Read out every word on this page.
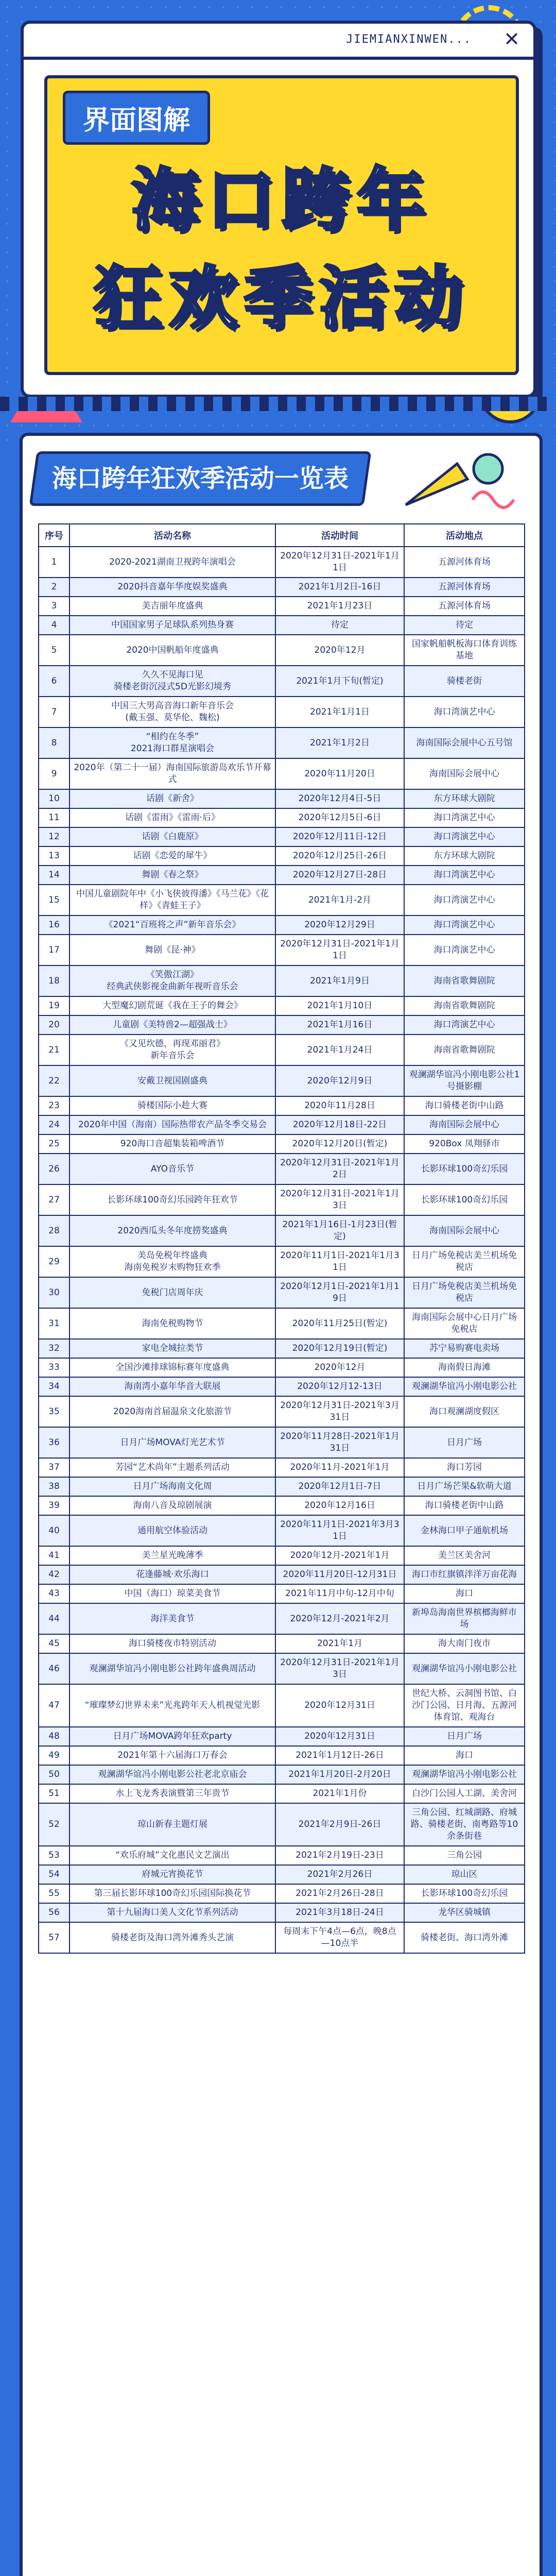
JIEMIANXINWEN... ✕
界面图解
海口跨年
狂欢季活动
海口跨年狂欢季活动一览表
序号	活动名称	活动时间	活动地点
1	2020-2021湖南卫视跨年演唱会	2020年12月31日-2021年1月1日	五源河体育场
2	2020抖音嘉年华度娱奖盛典	2021年1月2日-16日	五源河体育场
3	美吉丽年度盛典	2021年1月23日	五源河体育场
4	中国国家男子足球队系列热身赛	待定	待定
5	2020中国帆船年度盛典	2020年12月	国家帆船帆板海口体育训练基地
6	久久不见海口见
骑楼老街沉浸式5D光影幻境秀	2021年1月下旬(暂定)	骑楼老街
7	中国三大男高音海口新年音乐会
(戴玉强、莫华伦、魏松)	2021年1月1日	海口湾演艺中心
8	“相约在冬季”
2021海口群星演唱会	2021年1月2日	海南国际会展中心五号馆
9	2020年（第二十一届）海南国际旅游岛欢乐节开幕式	2020年11月20日	海南国际会展中心
10	话剧《新舍》	2020年12月4日-5日	东方环球大剧院
11	话剧《雷雨》《雷雨·后》	2020年12月5日-6日	海口湾演艺中心
12	话剧《白鹿原》	2020年12月11日-12日	海口湾演艺中心
13	话剧《恋爱的犀牛》	2020年12月25日-26日	东方环球大剧院
14	舞剧《春之祭》	2020年12月27日-28日	海口湾演艺中心
15	中国儿童剧院年中《小飞侠彼得潘》《马兰花》《花样》《青蛙王子》	2021年1月-2月	海口湾演艺中心
16	《2021“百班将之声”新年音乐会》	2020年12月29日	海口湾演艺中心
17	舞剧《昆·神》	2020年12月31日-2021年1月1日	海口湾演艺中心
18	《笑傲江湖》
经典武侠影视金曲新年视听音乐会	2021年1月9日	海南省歌舞剧院
19	大型魔幻剧荒诞《我在王子的舞会》	2021年1月10日	海南省歌舞剧院
20	儿童剧《美特兽2—超强战士》	2021年1月16日	海口湾演艺中心
21	《又见坎德，再现邓丽君》
新年音乐会	2021年1月24日	海南省歌舞剧院
22	安戴卫视国剧盛典	2020年12月9日	观澜湖华谊冯小刚电影公社1号摄影棚
23	骑楼国际小趁大赛	2020年11月28日	海口骑楼老街中山路
24	2020年中国（海南）国际热带农产品冬季交易会	2020年12月18日-22日	海南国际会展中心
25	920海口音超集装箱啤酒节	2020年12月20日(暂定)	920Box 凤翔驿市
26	AYO音乐节	2020年12月31日-2021年1月2日	长影环球100奇幻乐园
27	长影环球100奇幻乐园跨年狂欢节	2020年12月31日-2021年1月3日	长影环球100奇幻乐园
28	2020西瓜头冬年度捞奖盛典	2021年1月16日-1月23日(暂定)	海南国际会展中心
29	美岛免税年终盛典
海南免税岁末购物狂欢季	2020年11月1日-2021年1月31日	日月广场免税店美兰机场免税店
30	免税门店周年庆	2020年12月1日-2021年1月19日	日月广场免税店美兰机场免税店
31	海南免税购物节	2020年11月25日(暂定)	海南国际会展中心日月广场免税店
32	家电全城拉类节	2020年12月19日(暂定)	苏宁易购赛电卖场
33	全国沙滩排球锦标赛年度盛典	2020年12月	海南假日海滩
34	海南湾小嘉年华音大联展	2020年12月12-13日	观澜湖华谊冯小刚电影公社
35	2020海南首届温泉文化旅游节	2020年12月31日-2021年3月31日	海口观澜湖度假区
36	日月广场MOVA灯光艺术节	2020年11月28日-2021年1月31日	日月广场
37	芳园“艺术尚年”主题系列活动	2020年11月-2021年1月	海口芳园
38	日月广场海南文化周	2020年12月1日-7日	日月广场芒果&软萌大道
39	海南八音及琼剧展演	2020年12月16日	海口骑楼老街中山路
40	通用航空体验活动	2020年11月1日-2021年3月31日	金林海口甲子通航机场
41	美兰星光晚薄季	2020年12月-2021年1月	美兰区美舍河
42	花逢藤城·欢乐海口	2020年11月20日-12月31日	海口市红旗镇泮洋万亩花海
43	中国（海口）琼菜美食节	2021年11月中旬-12月中旬	海口
44	海洋美食节	2020年12月-2021年2月	新埠岛海南世界槟榔海鲜市场
45	海口骑楼夜市特别活动	2021年1月	海大南门夜市
46	观澜湖华谊冯小刚电影公社跨年盛典周活动	2020年12月31日-2021年1月3日	观澜湖华谊冯小刚电影公社
47	“璀璨梦幻世界未来”光兆跨年天人机视觉光影	2020年12月31日	世纪大桥、云洞图书馆、白沙门公园、日月海、五源河体育馆、观海台
48	日月广场MOVA跨年狂欢party	2020年12月31日	日月广场
49	2021年第十六届海口万春会	2021年1月12日-26日	海口
50	观澜湖华谊冯小刚电影公社老北京庙会	2021年1月20日-2月20日	观澜湖华谊冯小刚电影公社
51	水上飞龙秀表演暨第三年贵节	2021年1月份	白沙门公园人工湖、美舍河
52	琼山新春主题灯展	2021年2月9日-26日	三角公园、红城湖路、府城路、骑楼老街、南粤路等10余条街巷
53	“欢乐府城”文化惠民文艺演出	2021年2月19日-23日	三角公园
54	府城元宵换花节	2021年2月26日	琼山区
55	第三届长影环球100奇幻乐园国际换花节	2021年2月26日-28日	长影环球100奇幻乐园
56	第十九届海口美人文化节系列活动	2021年3月18日-24日	龙华区骑城镇
57	骑楼老街及海口湾外滩秀头艺演	每周末下午4点—6点，晚8点—10点半	骑楼老街、海口湾外滩
